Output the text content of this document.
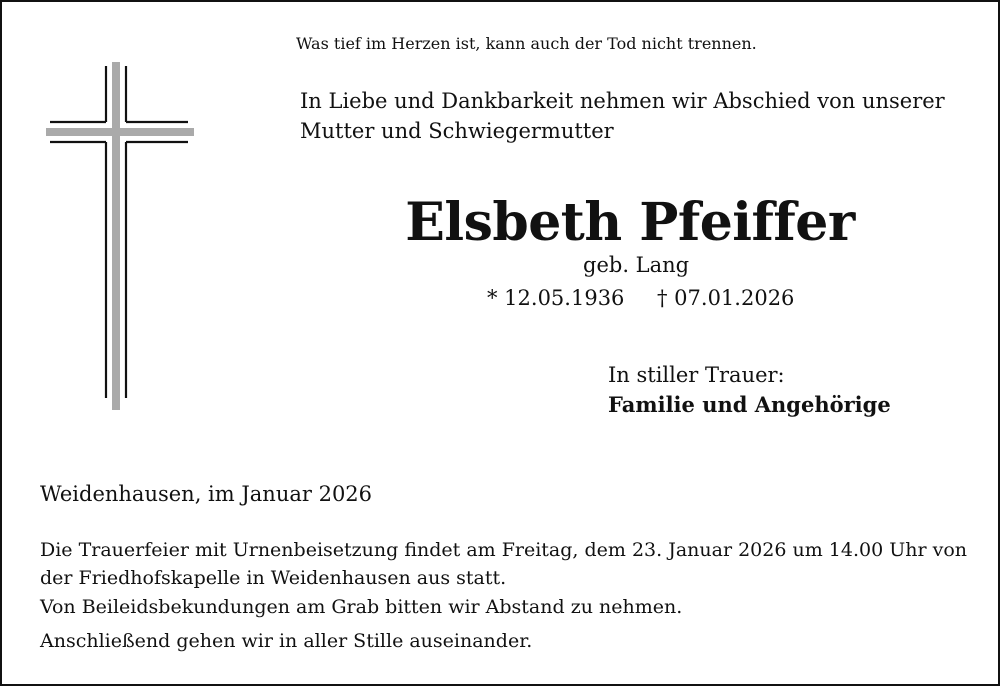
Was tief im Herzen ist, kann auch der Tod nicht trennen.

In Liebe und Dankbarkeit nehmen wir Abschied von unserer
Mutter und Schwiegermutter
Elsbeth Pfeiffer

geb. Lang

* 12.05.1936 † 07.01.2026

In stiller Trauer:

Familie und Angehörige

Weidenhausen, im Januar 2026

Die Trauerfeier mit Urnenbeisetzung findet am Freitag, dem 23. Januar 2026 um 14.00 Uhr von
der Friedhofskapelle in Weidenhausen aus statt.

Von Beileidsbekundungen am Grab bitten wir Abstand zu nehmen.

Anschließend gehen wir in aller Stille auseinander.
